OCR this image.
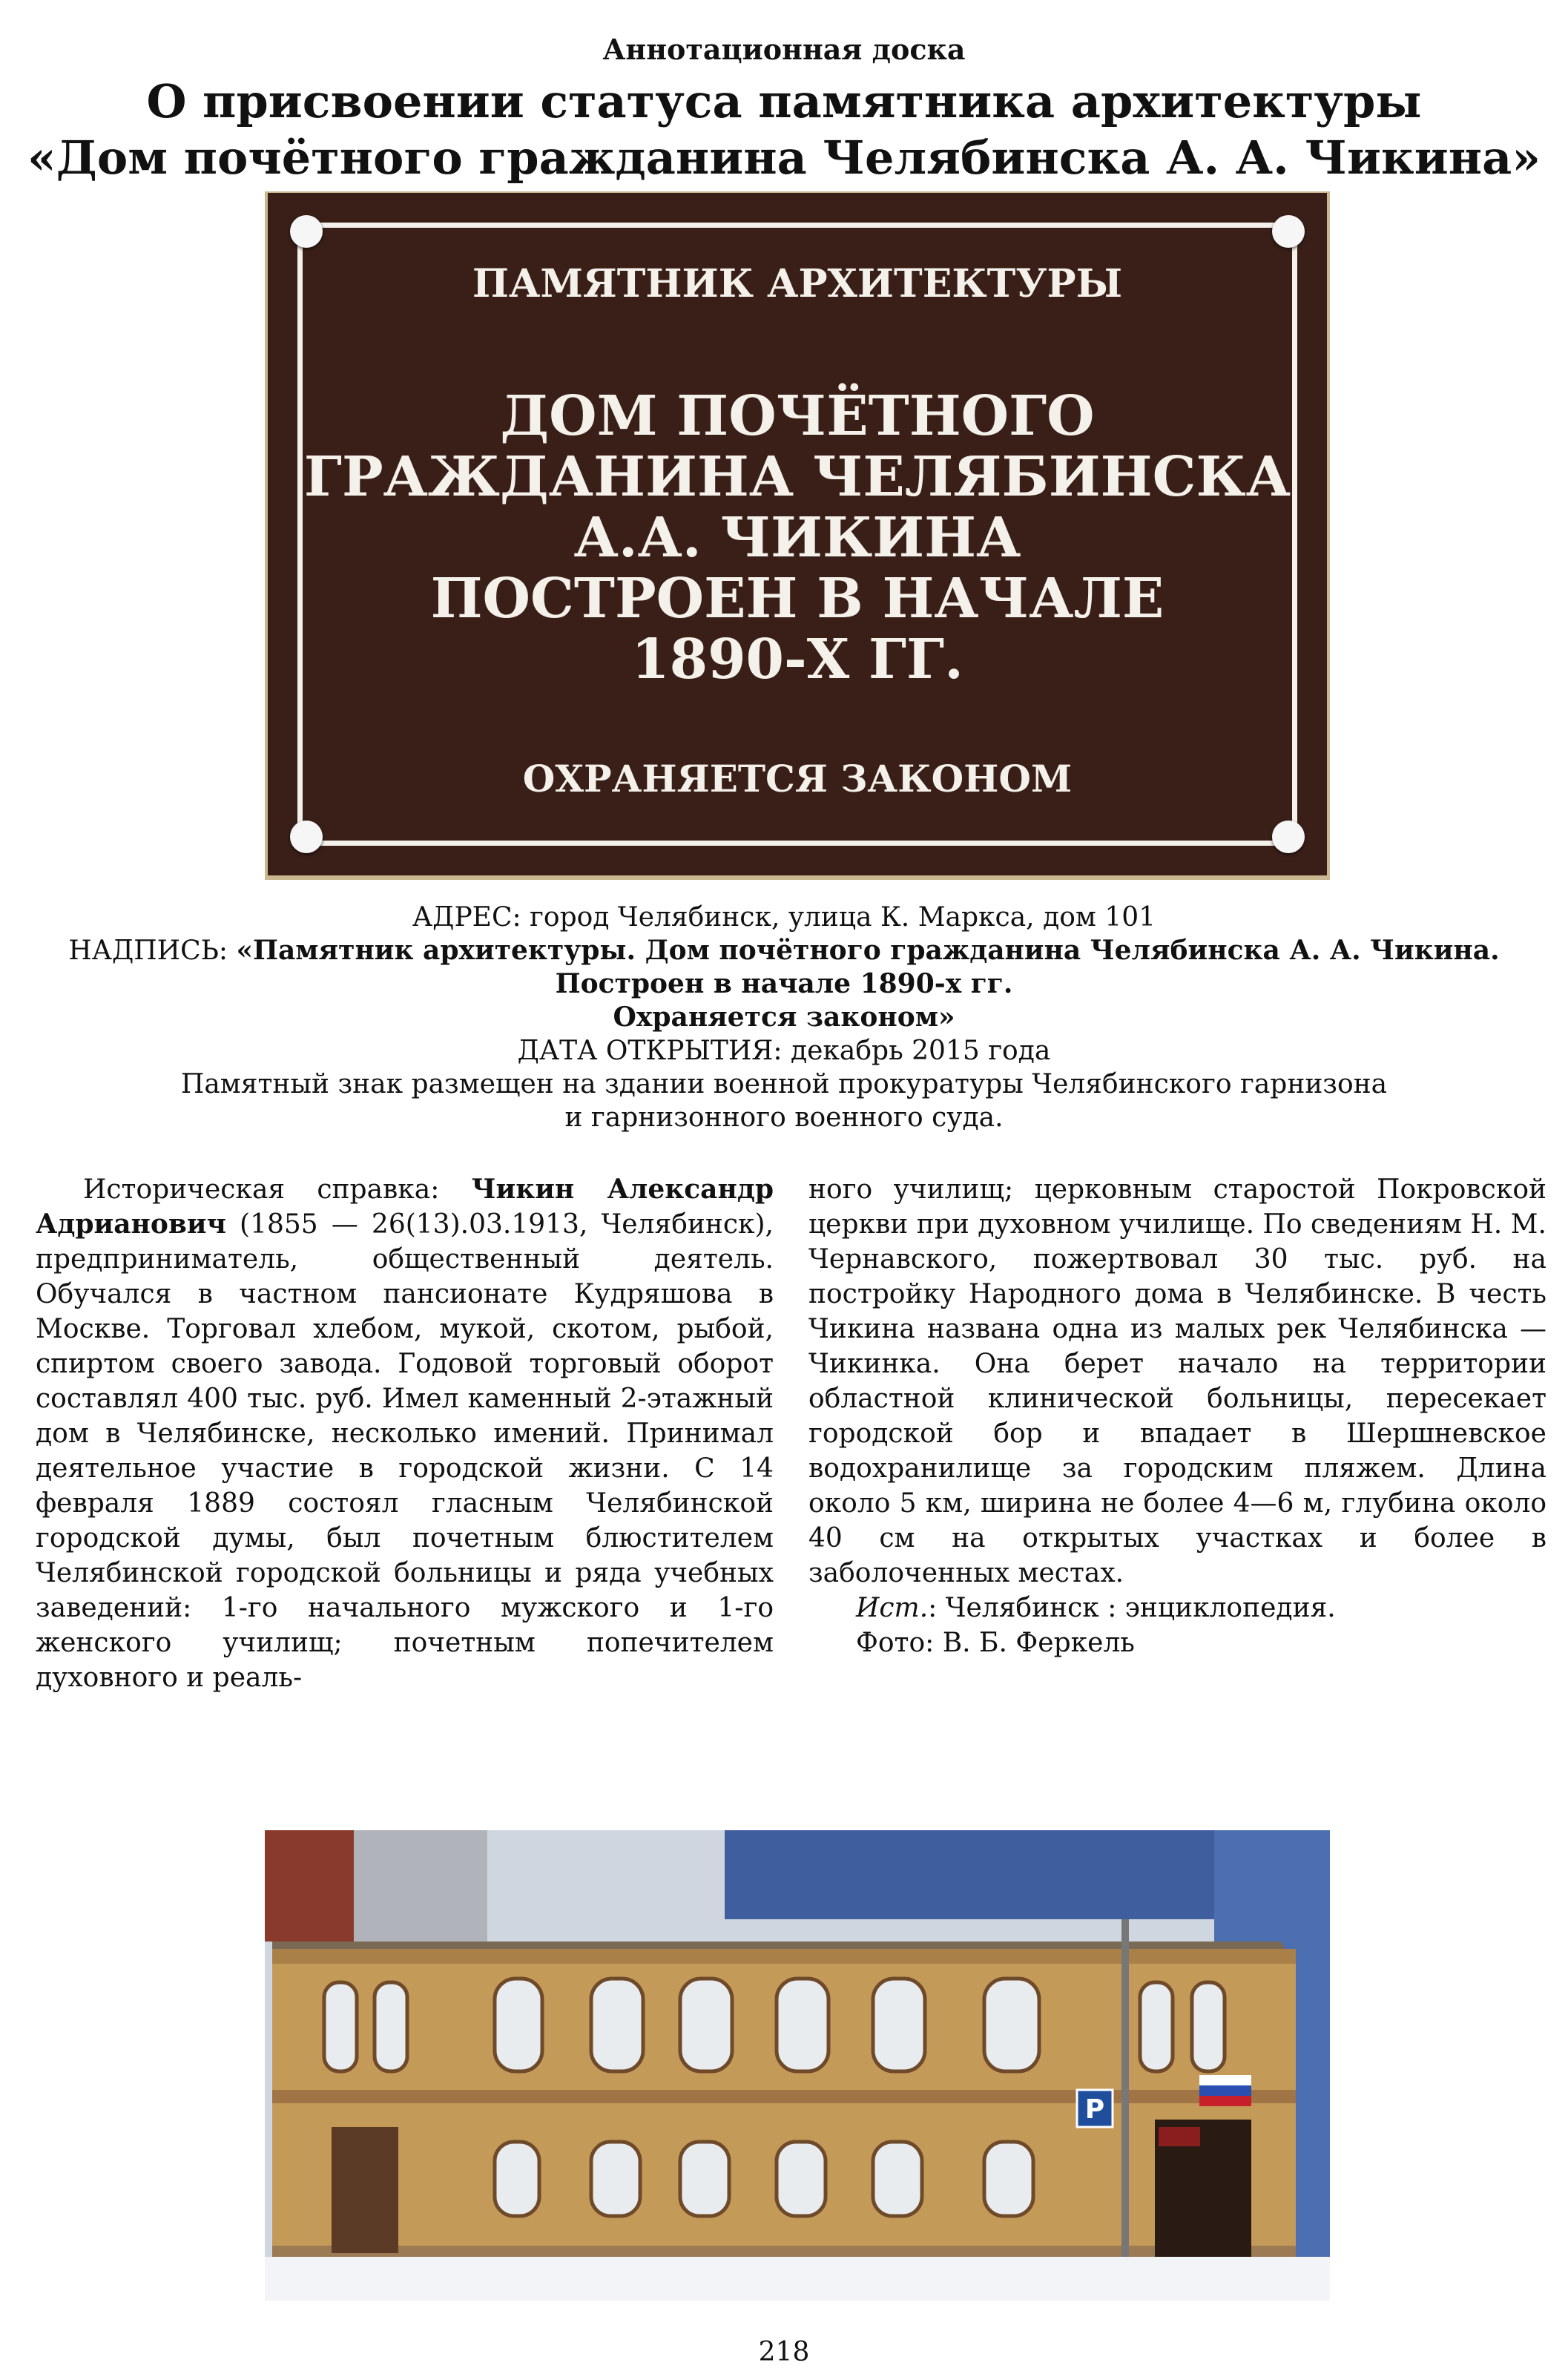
Аннотационная доска
О присвоении статуса памятника архитектуры
«Дом почётного гражданина Челябинска А. А. Чикина»
ПАМЯТНИК АРХИТЕКТУРЫ
ДОМ ПОЧЁТНОГО
ГРАЖДАНИНА ЧЕЛЯБИНСКА
А.А. ЧИКИНА
ПОСТРОЕН В НАЧАЛЕ
1890-Х ГГ.
ОХРАНЯЕТСЯ ЗАКОНОМ
АДРЕС: город Челябинск, улица К. Маркса, дом 101
НАДПИСЬ: «Памятник архитектуры. Дом почётного гражданина Челябинска А. А. Чикина.
Построен в начале 1890-х гг.
Охраняется законом»
ДАТА ОТКРЫТИЯ: декабрь 2015 года
Памятный знак размещен на здании военной прокуратуры Челябинского гарнизона
и гарнизонного военного суда.

Историческая справка: Чикин Александр Адрианович (1855 — 26(13).03.1913, Челябинск), предприниматель, общественный деятель. Обучался в частном пансионате Кудряшова в Москве. Торговал хлебом, мукой, скотом, рыбой, спиртом своего завода. Годовой торговый оборот составлял 400 тыс. руб. Имел каменный 2-этажный дом в Челябинске, несколько имений. Принимал деятельное участие в городской жизни. С 14 февраля 1889 состоял гласным Челябинской городской думы, был почетным блюстителем Челябинской городской больницы и ряда учебных заведений: 1-го начального мужского и 1-го женского училищ; почетным попечителем духовного и реаль-

ного училищ; церковным старостой Покровской церкви при духовном училище. По сведениям Н. М. Чернавского, пожертвовал 30 тыс. руб. на постройку Народного дома в Челябинске. В честь Чикина названа одна из малых рек Челябинска — Чикинка. Она берет начало на территории областной клинической больницы, пересекает городской бор и впадает в Шершневское водохранилище за городским пляжем. Длина около 5 км, ширина не более 4—6 м, глубина около 40 см на открытых участках и более в заболоченных местах.

Ист.: Челябинск : энциклопедия.

Фото: В. Б. Феркель

P
218
